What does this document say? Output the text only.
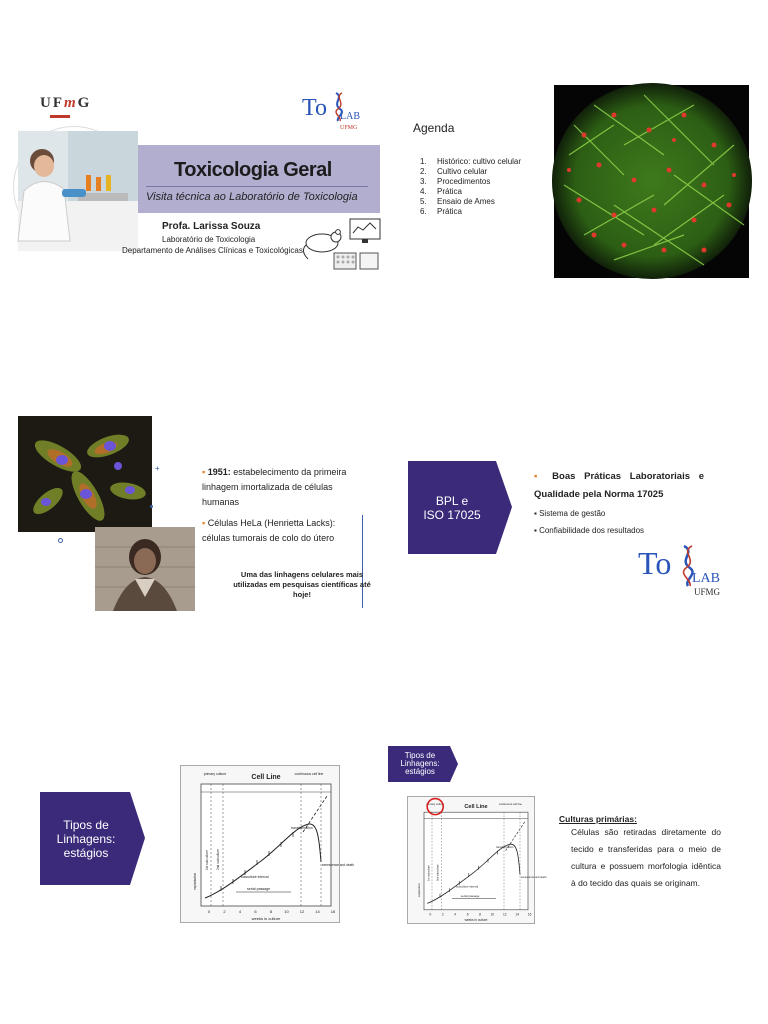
UFmG	To LAB
UFMG
Toxicologia Geral
Visita técnica ao Laboratório de Toxicologia
Profa. Larissa Souza
Laboratório de Toxicologia
Departamento de Análises Clínicas e Toxicológicas
Agenda
1.	Histórico: cultivo celular
2.	Cultivo celular
3.	Procedimentos
4.	Prática
5.	Ensaio de Ames
6.	Prática
+	▪ 1951: estabelecimento da primeira linhagem imortalizada de células humanas
▪ Células HeLa (Henrietta Lacks): células tumorais de colo do útero
Uma das linhagens celulares mais utilizadas em pesquisas científicas até hoje!
BPL e
ISO 17025
▪ Boas Práticas Laboratoriais e Qualidade pela Norma 17025
▪ Sistema de gestão
▪ Confiabilidade dos resultados
To LAB
UFMG
Tipos de
Linhagens:
estágios
Cell Line
primary culture	continuous cell line
transformation
subculture interval
serial passage
senescence and death
1st subculture 2nd subculture
explantation
0	2	4	6	8	10	12	14	16
weeks in culture
Tipos de
Linhagens:
estágios
Cell Line
primary culture	continuous cell line
transformation
subculture interval
serial passage
senescence and death
1st subculture	2nd subculture
explantation
0	2	4	6	8 10 12 14 16
weeks in culture
Culturas primárias:
Células são retiradas diretamente do tecido e transferidas para o meio de cultura e possuem morfologia idêntica à do tecido das quais se originam.
